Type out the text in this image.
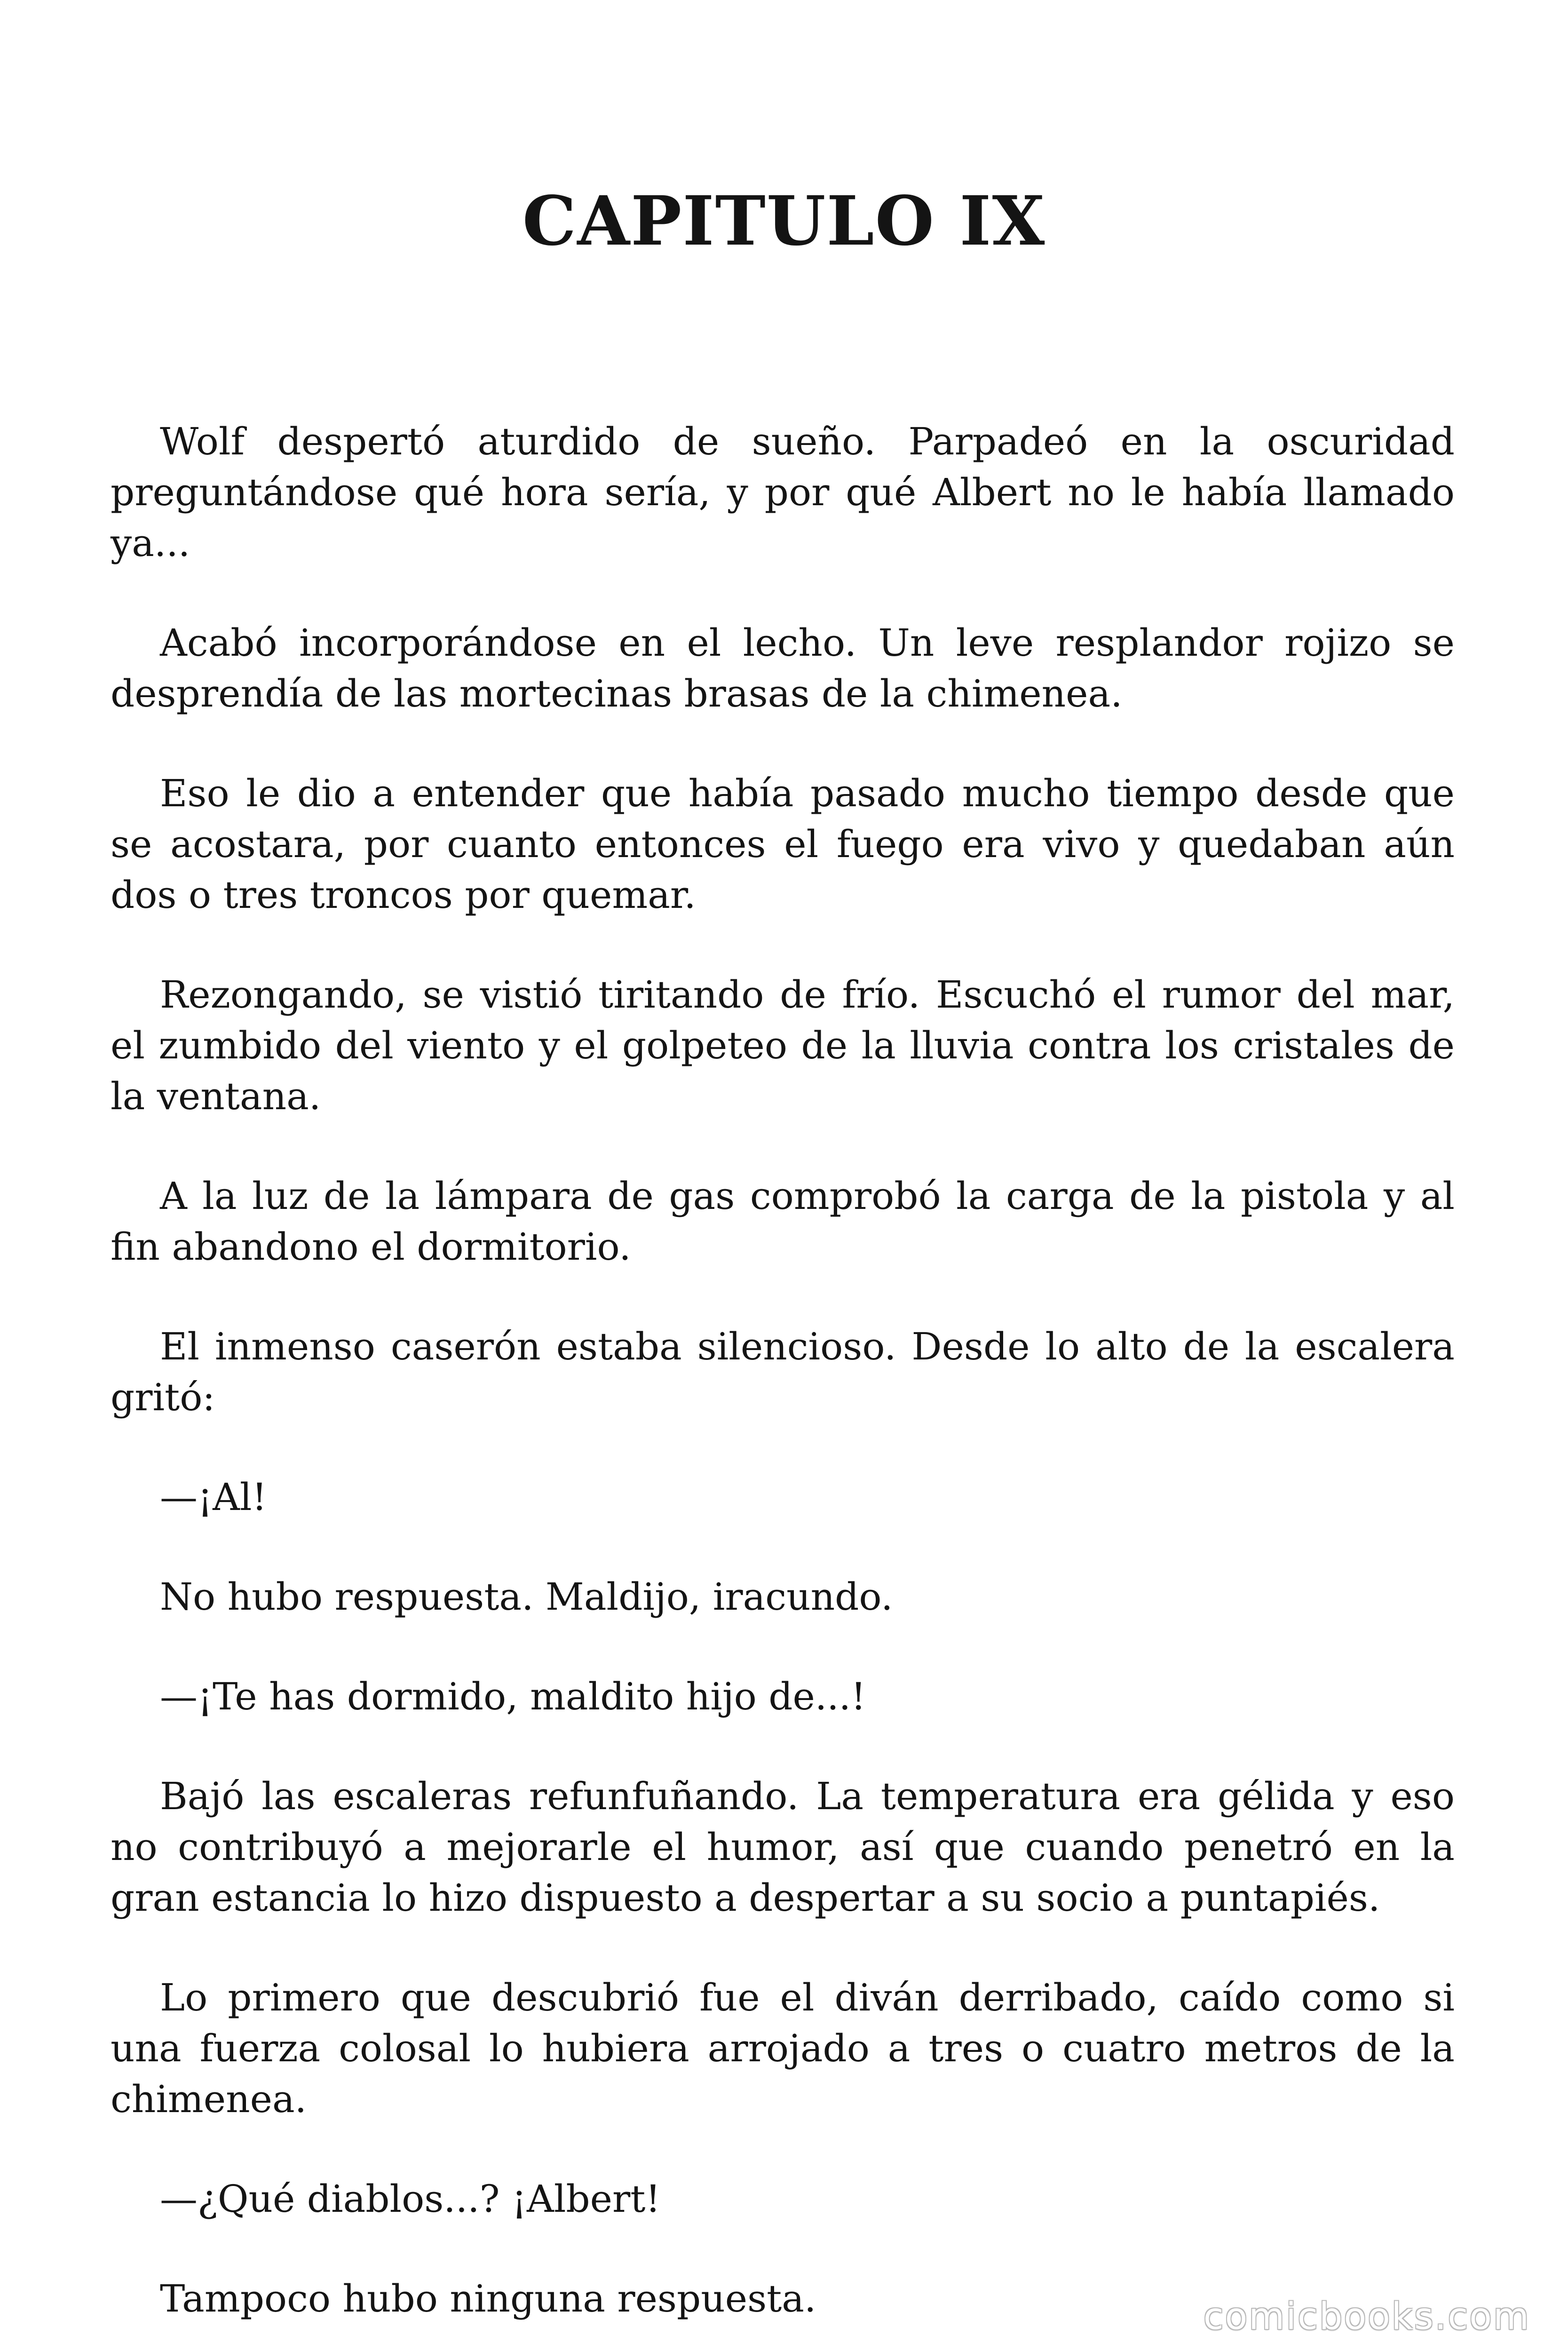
CAPITULO IX

Wolf despertó aturdido de sueño. Parpadeó en la oscuridad preguntándose qué hora sería, y por qué Albert no le había llamado ya...

Acabó incorporándose en el lecho. Un leve resplandor rojizo se desprendía de las mortecinas brasas de la chimenea.

Eso le dio a entender que había pasado mucho tiempo desde que se acostara, por cuanto entonces el fuego era vivo y quedaban aún dos o tres troncos por quemar.

Rezongando, se vistió tiritando de frío. Escuchó el rumor del mar, el zumbido del viento y el golpeteo de la lluvia contra los cristales de la ventana.

A la luz de la lámpara de gas comprobó la carga de la pistola y al fin abandono el dormitorio.

El inmenso caserón estaba silencioso. Desde lo alto de la escalera gritó:

—¡Al!

No hubo respuesta. Maldijo, iracundo.

—¡Te has dormido, maldito hijo de...!

Bajó las escaleras refunfuñando. La temperatura era gélida y eso no contribuyó a mejorarle el humor, así que cuando penetró en la gran estancia lo hizo dispuesto a despertar a su socio a puntapiés.

Lo primero que descubrió fue el diván derribado, caído como si una fuerza colosal lo hubiera arrojado a tres o cuatro metros de la chimenea.

—¿Qué diablos...? ¡Albert!

Tampoco hubo ninguna respuesta.	comicbooks.com
